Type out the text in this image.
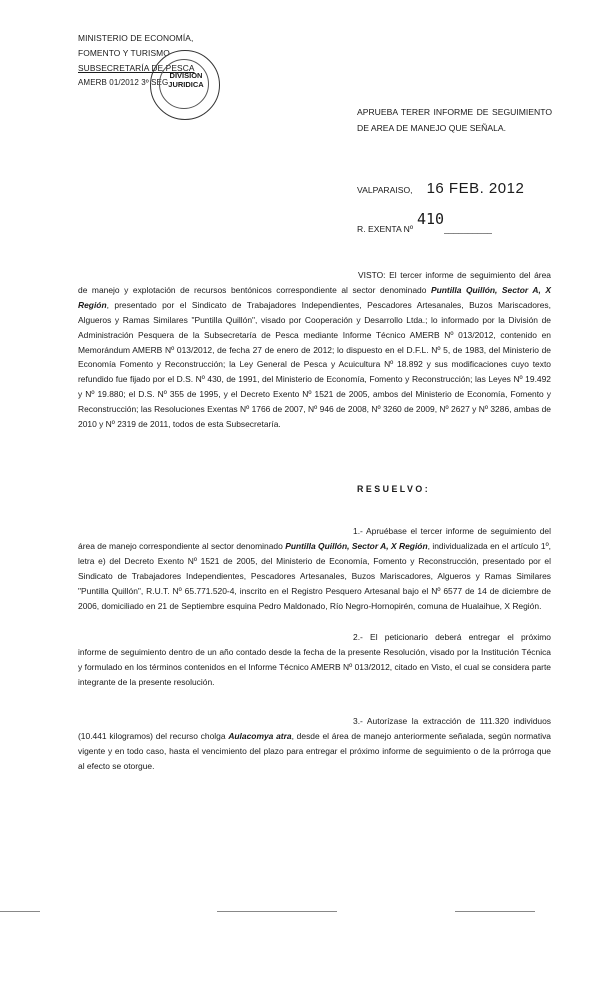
MINISTERIO DE ECONOMÍA,
FOMENTO Y TURISMO
SUBSECRETARÍA DE PESCA
AMERB 01/2012 3º SEG
DIVISION
JURIDICA
APRUEBA TERER INFORME DE SEGUIMIENTO DE AREA DE MANEJO QUE SEÑALA.
VALPARAISO, 16 FEB. 2012
R. EXENTA Nº410__________

VISTO: El tercer informe de seguimiento del área de manejo y explotación de recursos bentónicos correspondiente al sector denominado Puntilla Quillón, Sector A, X Región, presentado por el Sindicato de Trabajadores Independientes, Pescadores Artesanales, Buzos Mariscadores, Algueros y Ramas Similares "Puntilla Quillón", visado por Cooperación y Desarrollo Ltda.; lo informado por la División de Administración Pesquera de la Subsecretaría de Pesca mediante Informe Técnico AMERB Nº 013/2012, contenido en Memorándum AMERB Nº 013/2012, de fecha 27 de enero de 2012; lo dispuesto en el D.F.L. Nº 5, de 1983, del Ministerio de Economía Fomento y Reconstrucción; la Ley General de Pesca y Acuicultura Nº 18.892 y sus modificaciones cuyo texto refundido fue fijado por el D.S. Nº 430, de 1991, del Ministerio de Economía, Fomento y Reconstrucción; las Leyes Nº 19.492 y Nº 19.880; el D.S. Nº 355 de 1995, y el Decreto Exento Nº 1521 de 2005, ambos del Ministerio de Economía, Fomento y Reconstrucción; las Resoluciones Exentas Nº 1766 de 2007, Nº 946 de 2008, Nº 3260 de 2009, Nº 2627 y Nº 3286, ambas de 2010 y Nº 2319 de 2011, todos de esta Subsecretaría.

RESUELVO:

1.- Apruébase el tercer informe de seguimiento del área de manejo correspondiente al sector denominado Puntilla Quillón, Sector A, X Región, individualizada en el artículo 1º, letra e) del Decreto Exento Nº 1521 de 2005, del Ministerio de Economía, Fomento y Reconstrucción, presentado por el Sindicato de Trabajadores Independientes, Pescadores Artesanales, Buzos Mariscadores, Algueros y Ramas Similares "Puntilla Quillón", R.U.T. Nº 65.771.520-4, inscrito en el Registro Pesquero Artesanal bajo el Nº 6577 de 14 de diciembre de 2006, domiciliado en 21 de Septiembre esquina Pedro Maldonado, Río Negro-Hornopirén, comuna de Hualaihue, X Región.

2.- El peticionario deberá entregar el próximo informe de seguimiento dentro de un año contado desde la fecha de la presente Resolución, visado por la Institución Técnica y formulado en los términos contenidos en el Informe Técnico AMERB Nº 013/2012, citado en Visto, el cual se considera parte integrante de la presente resolución.

3.- Autorízase la extracción de 111.320 individuos (10.441 kilogramos) del recurso cholga Aulacomya atra, desde el área de manejo anteriormente señalada, según normativa vigente y en todo caso, hasta el vencimiento del plazo para entregar el próximo informe de seguimiento o de la prórroga que al efecto se otorgue.
